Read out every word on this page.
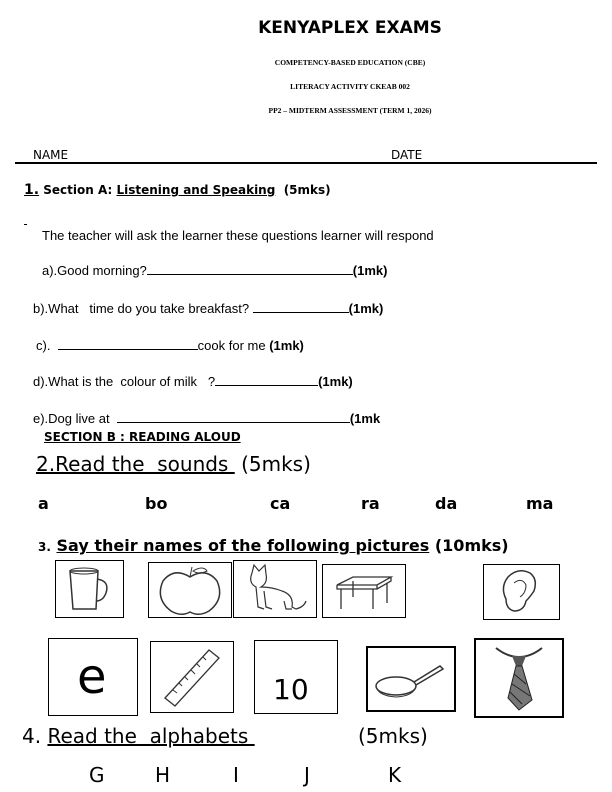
KENYAPLEX EXAMS
COMPETENCY-BASED EDUCATION (CBE)
LITERACY ACTIVITY CKEAB 002
PP2 – MIDTERM ASSESSMENT (TERM 1, 2026)
NAME	DATE
1. Section A: Listening and Speaking (5mks)
The teacher will ask the learner these questions learner will respond
a).Good morning?	(1mk)
b).What   time do you take breakfast?	(1mk)
c).	cook for me (1mk)
d).What is the  colour of milk   ?	(1mk)
e).Dog live at	(1mk
SECTION B : READING ALOUD
2.Read the  sounds  (5mks)
a	bo	ca	ra	da	ma
3. Say their names of the following pictures (10mks)
e	10
4. Read the  alphabets	(5mks)
G	H	I	J	K
